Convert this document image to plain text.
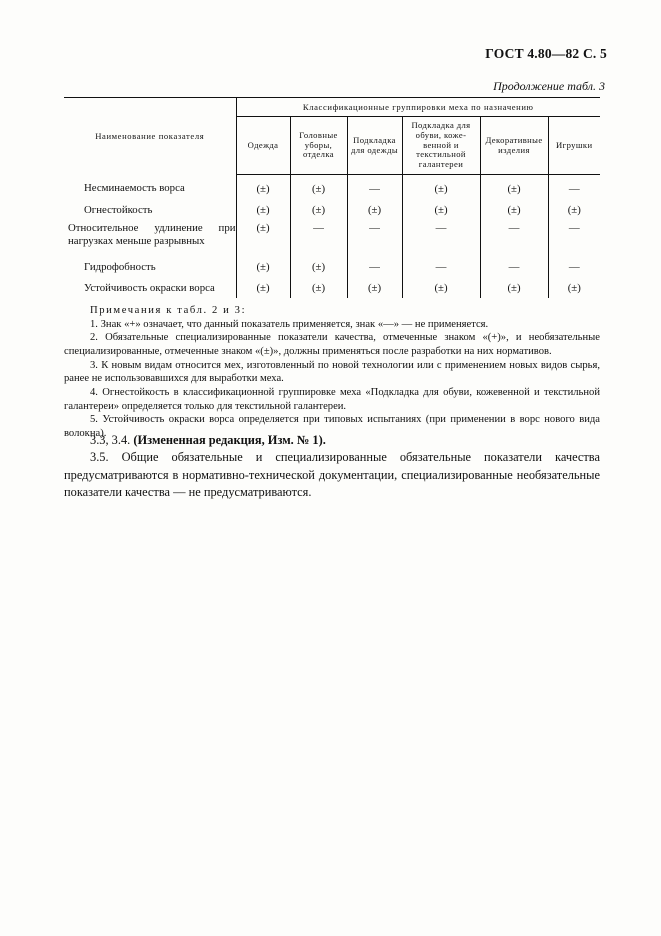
ГОСТ 4.80—82 С. 5
Продолжение табл. 3
Наименование показателя	Классификационные группировки меха по назначению					
	Одежда	Головные уборы, отделка	Подкладка для одежды	Подкладка для обуви, коже-венной и текстильной галантереи	Декоративные изделия	Игрушки
Несминаемость ворса	(±)	(±)	—	(±)	(±)	—
Огнестойкость	(±)	(±)	(±)	(±)	(±)	(±)
Относительное удлинение при нагрузках меньше разрывных	(±)	—	—	—	—	—
Гидрофобность	(±)	(±)	—	—	—	—
Устойчивость окраски ворса	(±)	(±)	(±)	(±)	(±)	(±)
Примечания к табл. 2 и 3:

1. Знак «+» означает, что данный показатель применяется, знак «—» — не применяется.

2. Обязательные специализированные показатели качества, отмеченные знаком «(+)», и необязательные специализированные, отмеченные знаком «(±)», должны применяться после разработки на них нормативов.

3. К новым видам относится мех, изготовленный по новой технологии или с применением новых видов сырья, ранее не использовавшихся для выработки меха.

4. Огнестойкость в классификационной группировке меха «Подкладка для обуви, кожевенной и текстильной галантереи» определяется только для текстильной галантереи.

5. Устойчивость окраски ворса определяется при типовых испытаниях (при применении в ворс нового вида волокна).

3.3, 3.4. (Измененная редакция, Изм. № 1).

3.5. Общие обязательные и специализированные обязательные показатели качества предусматриваются в нормативно-технической документации, специализированные необязательные показатели качества — не предусматриваются.
